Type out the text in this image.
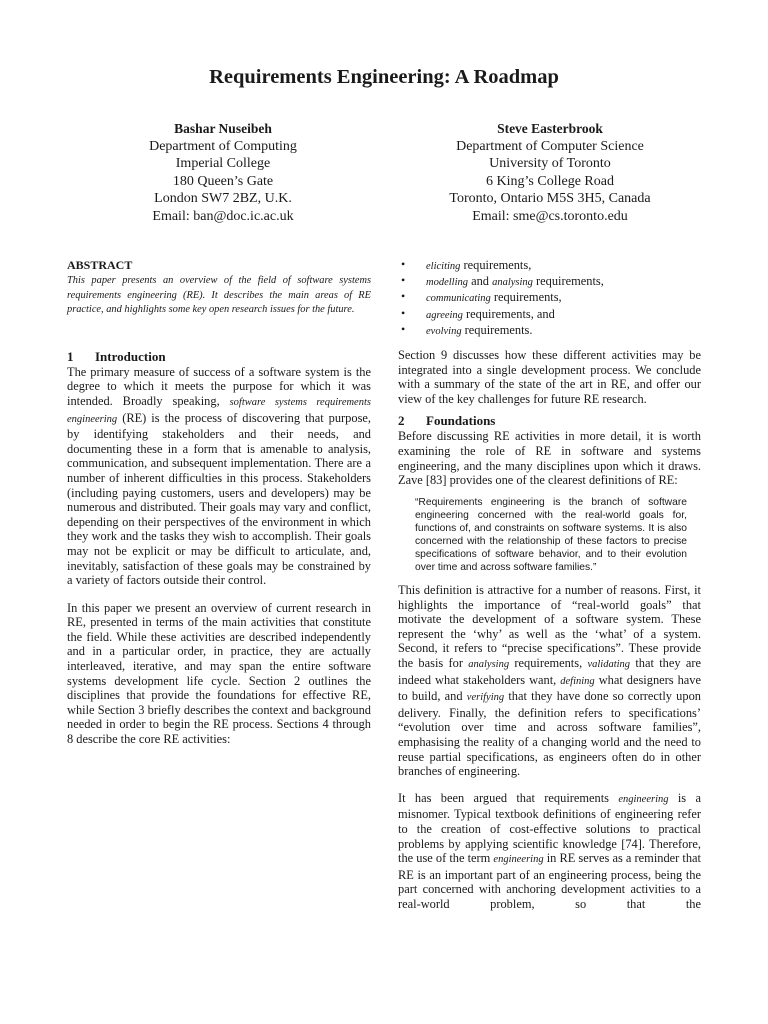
Requirements Engineering: A Roadmap
Bashar Nuseibeh
Department of Computing
Imperial College
180 Queen’s Gate
London SW7 2BZ, U.K.
Email: ban@doc.ic.ac.uk
Steve Easterbrook
Department of Computer Science
University of Toronto
6 King’s College Road
Toronto, Ontario M5S 3H5, Canada
Email: sme@cs.toronto.edu
ABSTRACT

This paper presents an overview of the field of software systems requirements engineering (RE). It describes the main areas of RE practice, and highlights some key open research issues for the future.

1 Introduction

The primary measure of success of a software system is the degree to which it meets the purpose for which it was intended. Broadly speaking, software systems requirements engineering (RE) is the process of discovering that purpose, by identifying stakeholders and their needs, and documenting these in a form that is amenable to analysis, communication, and subsequent implementation. There are a number of inherent difficulties in this process. Stakeholders (including paying customers, users and developers) may be numerous and distributed. Their goals may vary and conflict, depending on their perspectives of the environment in which they work and the tasks they wish to accomplish. Their goals may not be explicit or may be difficult to articulate, and, inevitably, satisfaction of these goals may be constrained by a variety of factors outside their control.

In this paper we present an overview of current research in RE, presented in terms of the main activities that constitute the field. While these activities are described independently and in a particular order, in practice, they are actually interleaved, iterative, and may span the entire software systems development life cycle. Section 2 outlines the disciplines that provide the foundations for effective RE, while Section 3 briefly describes the context and background needed in order to begin the RE process. Sections 4 through 8 describe the core RE activities:

• eliciting requirements,
• modelling and analysing requirements,
• communicating requirements,
• agreeing requirements, and
• evolving requirements.

Section 9 discusses how these different activities may be integrated into a single development process. We conclude with a summary of the state of the art in RE, and offer our view of the key challenges for future RE research.

2 Foundations

Before discussing RE activities in more detail, it is worth examining the role of RE in software and systems engineering, and the many disciplines upon which it draws. Zave [83] provides one of the clearest definitions of RE:

“Requirements engineering is the branch of software engineering concerned with the real-world goals for, functions of, and constraints on software systems. It is also concerned with the relationship of these factors to precise specifications of software behavior, and to their evolution over time and across software families.”

This definition is attractive for a number of reasons. First, it highlights the importance of “real-world goals” that motivate the development of a software system. These represent the ‘why’ as well as the ‘what’ of a system. Second, it refers to “precise specifications”. These provide the basis for analysing requirements, validating that they are indeed what stakeholders want, defining what designers have to build, and verifying that they have done so correctly upon delivery. Finally, the definition refers to specifications’ “evolution over time and across software families”, emphasising the reality of a changing world and the need to reuse partial specifications, as engineers often do in other branches of engineering.

It has been argued that requirements engineering is a misnomer. Typical textbook definitions of engineering refer to the creation of cost-effective solutions to practical problems by applying scientific knowledge [74]. Therefore, the use of the term engineering in RE serves as a reminder that RE is an important part of an engineering process, being the part concerned with anchoring development activities to a real-world problem, so that the
